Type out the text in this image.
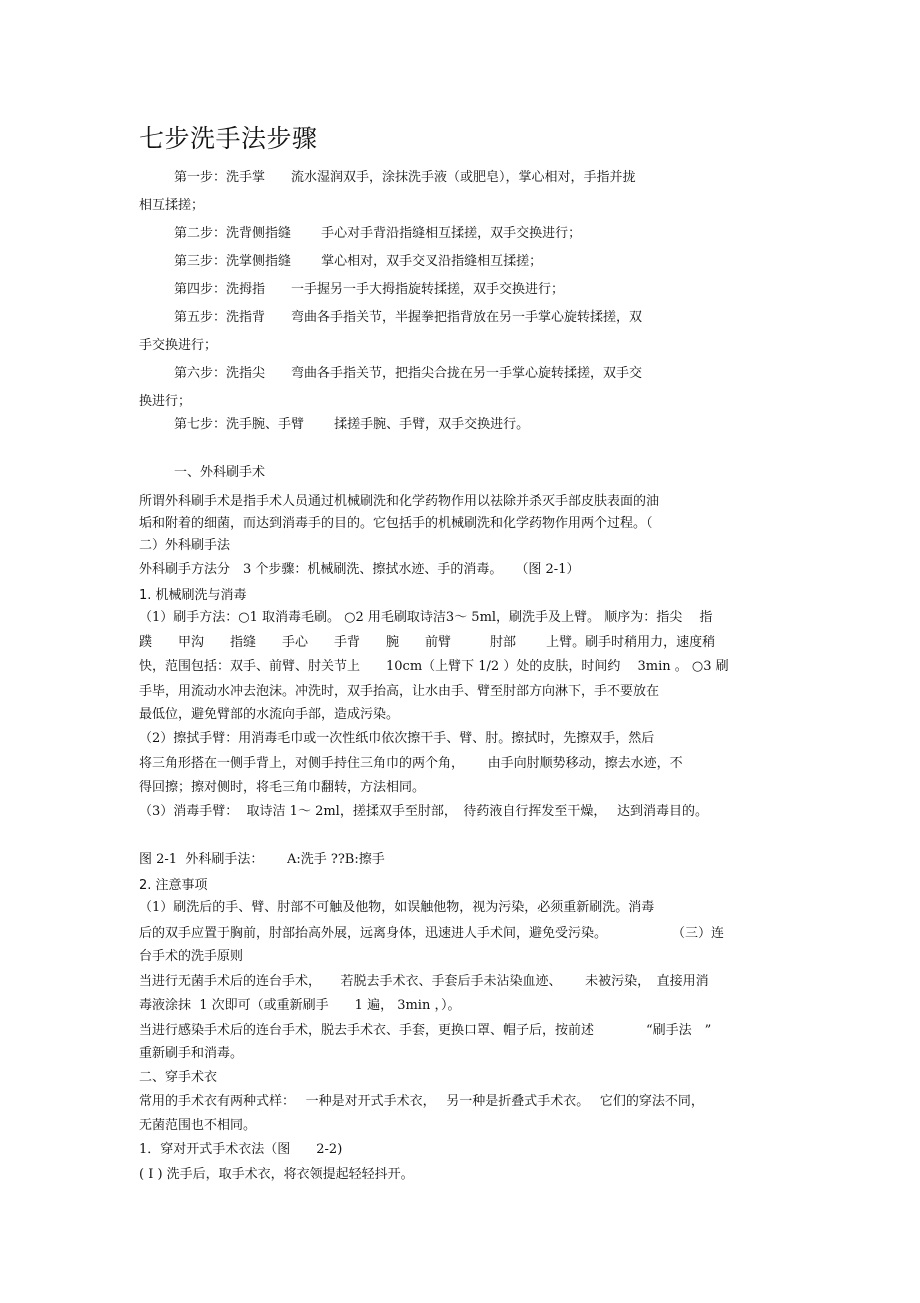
七步洗手法步骤
第一步：洗手掌　　流水湿润双手，涂抹洗手液（或肥皂），掌心相对，手指并拢
相互揉搓；
第二步：洗背侧指缝　　 手心对手背沿指缝相互揉搓，双手交换进行；
第三步：洗掌侧指缝　　 掌心相对，双手交叉沿指缝相互揉搓；
第四步：洗拇指　　一手握另一手大拇指旋转揉搓，双手交换进行；
第五步：洗指背　　弯曲各手指关节，半握拳把指背放在另一手掌心旋转揉搓，双
手交换进行；
第六步：洗指尖　　弯曲各手指关节，把指尖合拢在另一手掌心旋转揉搓，双手交
换进行；
第七步：洗手腕、手臂　　 揉搓手腕、手臂，双手交换进行。
一、外科刷手术
所谓外科刷手术是指手术人员通过机械刷洗和化学药物作用以祛除并杀灭手部皮肤表面的油
垢和附着的细菌，而达到消毒手的目的。它包括手的机械刷洗和化学药物作用两个过程。（
二）外科刷手法
外科刷手方法分　3 个步骤：机械刷洗、擦拭水迹、手的消毒。　　（图 2-1）
1. 机械刷洗与消毒
（1）刷手方法：○1 取消毒毛刷。 ○2 用毛刷取诗洁3～ 5ml，刷洗手及上臂。 顺序为：指尖　 指
蹼　　甲沟　　指缝　　手心　　手背　　腕　　前臂　　　肘部　　 上臂。刷手时稍用力，速度稍
快，范围包括：双手、前臂、肘关节上　　10cm（上臂下 1/2 ）处的皮肤，时间约　 3min 。 ○3 刷
手毕，用流动水冲去泡沫。冲洗时，双手抬高，让水由手、臂至肘部方向淋下，手不要放在
最低位，避免臂部的水流向手部，造成污染。
（2）擦拭手臂：用消毒毛巾或一次性纸巾依次擦干手、臂、肘。擦拭时，先擦双手，然后
将三角形搭在一侧手背上，对侧手持住三角巾的两个角，　　 由手向肘顺势移动，擦去水迹，不
得回擦；擦对侧时，将毛三角巾翻转，方法相同。
（3）消毒手臂：  取诗洁 1～ 2ml，搓揉双手至肘部，　待药液自行挥发至干燥，　 达到消毒目的。
图 2-1  外科刷手法：　　 A:洗手 ??B:擦手
2. 注意事项
（1）刷洗后的手、臂、肘部不可触及他物，如误触他物，视为污染，必须重新刷洗。消毒
后的双手应置于胸前，肘部抬高外展，远离身体，迅速进人手术间，避免受污染。　　　　　　（三）连
台手术的洗手原则
当进行无菌手术后的连台手术，　　若脱去手术衣、手套后手未沾染血迹、　　 未被污染，　直接用消
毒液涂抹  1 次即可（或重新刷手　　1 遍， 3min ，）。
当进行感染手术后的连台手术，脱去手术衣、手套，更换口罩、帽子后，按前述　　　　“刷手法　”
重新刷手和消毒。
二、穿手术衣
常用的手术衣有两种式样：　 一种是对开式手术衣，　 另一种是折叠式手术衣。　 它们的穿法不同，
无菌范围也不相同。
1．穿对开式手术衣法（图　　2-2)
( I ) 洗手后，取手术衣，将衣领提起轻轻抖开。
